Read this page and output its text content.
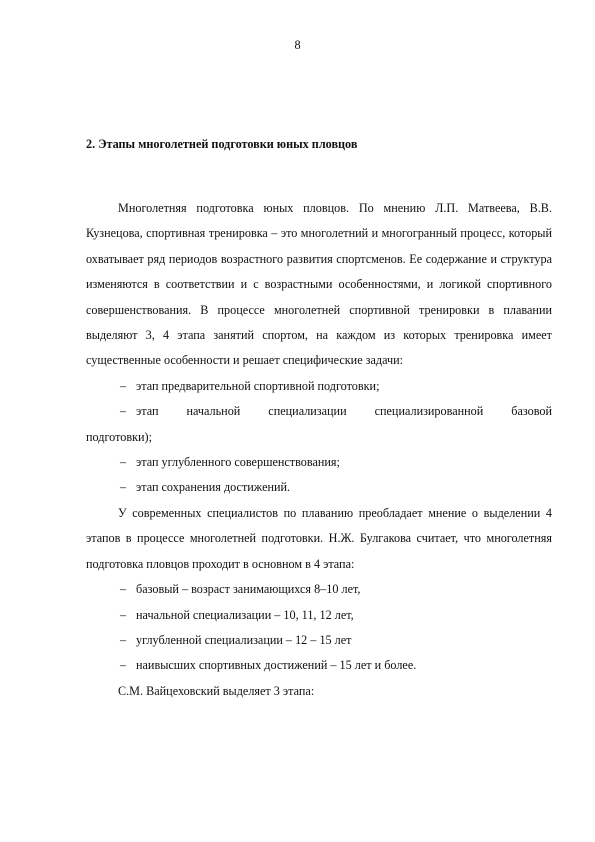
8
2. Этапы многолетней подготовки юных пловцов
Многолетняя подготовка юных пловцов. По мнению Л.П. Матвеева, В.В. Кузнецова, спортивная тренировка – это многолетний и многогранный процесс, который охватывает ряд периодов возрастного развития спортсменов. Ее содержание и структура изменяются в соответствии и с возрастными особенностями, и логикой спортивного совершенствования. В процессе многолетней спортивной тренировки в плавании выделяют 3, 4 этапа занятий спортом, на каждом из которых тренировка имеет существенные особенности и решает специфические задачи:
– этап предварительной спортивной подготовки;
– этап начальной специализации специализированной базовой
подготовки);
– этап углубленного совершенствования;
– этап сохранения достижений.
У современных специалистов по плаванию преобладает мнение о выделении 4 этапов в процессе многолетней подготовки. Н.Ж. Булгакова считает, что многолетняя подготовка пловцов проходит в основном в 4 этапа:
– базовый – возраст занимающихся 8–10 лет,
– начальной специализации – 10, 11, 12 лет,
– углубленной специализации – 12 – 15 лет
– наивысших спортивных достижений – 15 лет и более.
С.М. Вайцеховский выделяет 3 этапа:
